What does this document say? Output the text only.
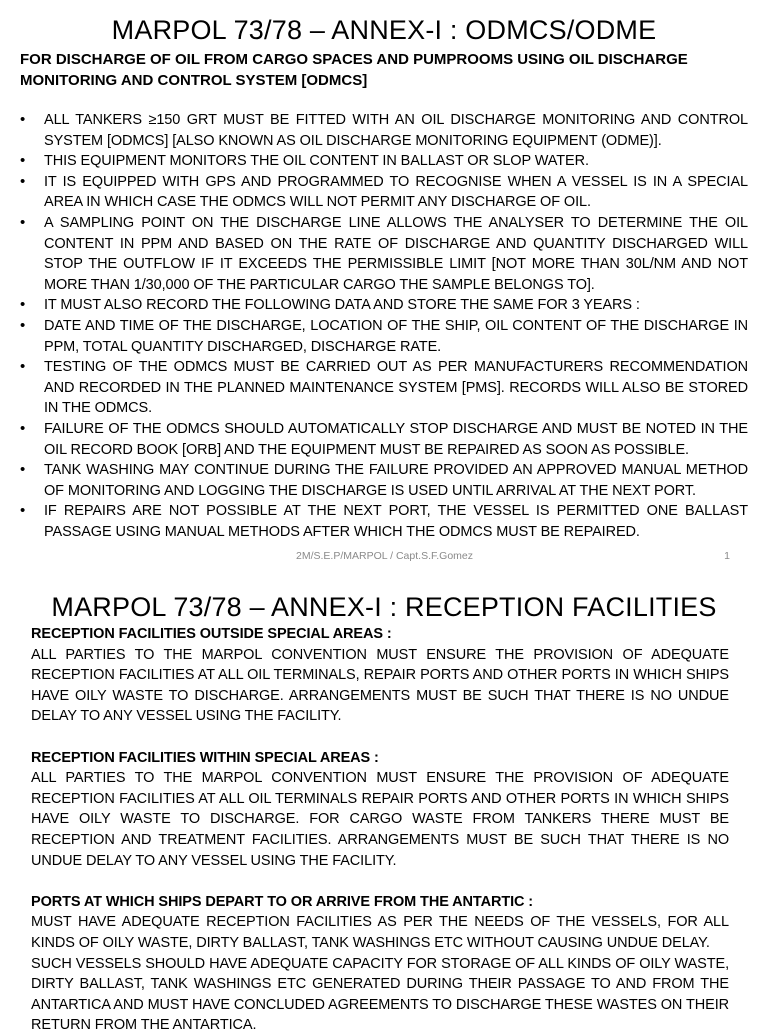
MARPOL 73/78 – ANNEX-I : ODMCS/ODME

FOR DISCHARGE OF OIL FROM CARGO SPACES AND PUMPROOMS USING OIL DISCHARGE MONITORING AND CONTROL SYSTEM [ODMCS]

• ALL TANKERS ≥150 GRT MUST BE FITTED WITH AN OIL DISCHARGE MONITORING AND CONTROL SYSTEM [ODMCS] [ALSO KNOWN AS OIL DISCHARGE MONITORING EQUIPMENT (ODME)].
• THIS EQUIPMENT MONITORS THE OIL CONTENT IN BALLAST OR SLOP WATER.
• IT IS EQUIPPED WITH GPS AND PROGRAMMED TO RECOGNISE WHEN A VESSEL IS IN A SPECIAL AREA IN WHICH CASE THE ODMCS WILL NOT PERMIT ANY DISCHARGE OF OIL.
• A SAMPLING POINT ON THE DISCHARGE LINE ALLOWS THE ANALYSER TO DETERMINE THE OIL CONTENT IN PPM AND BASED ON THE RATE OF DISCHARGE AND QUANTITY DISCHARGED WILL STOP THE OUTFLOW IF IT EXCEEDS THE PERMISSIBLE LIMIT [NOT MORE THAN 30L/NM AND NOT MORE THAN 1/30,000 OF THE PARTICULAR CARGO THE SAMPLE BELONGS TO].
• IT MUST ALSO RECORD THE FOLLOWING DATA AND STORE THE SAME FOR 3 YEARS :
• DATE AND TIME OF THE DISCHARGE, LOCATION OF THE SHIP, OIL CONTENT OF THE DISCHARGE IN PPM, TOTAL QUANTITY DISCHARGED, DISCHARGE RATE.
• TESTING OF THE ODMCS MUST BE CARRIED OUT AS PER MANUFACTURERS RECOMMENDATION AND RECORDED IN THE PLANNED MAINTENANCE SYSTEM [PMS]. RECORDS WILL ALSO BE STORED IN THE ODMCS.
• FAILURE OF THE ODMCS SHOULD AUTOMATICALLY STOP DISCHARGE AND MUST BE NOTED IN THE OIL RECORD BOOK [ORB] AND THE EQUIPMENT MUST BE REPAIRED AS SOON AS POSSIBLE.
• TANK WASHING MAY CONTINUE DURING THE FAILURE PROVIDED AN APPROVED MANUAL METHOD OF MONITORING AND LOGGING THE DISCHARGE IS USED UNTIL ARRIVAL AT THE NEXT PORT.
• IF REPAIRS ARE NOT POSSIBLE AT THE NEXT PORT, THE VESSEL IS PERMITTED ONE BALLAST PASSAGE USING MANUAL METHODS AFTER WHICH THE ODMCS MUST BE REPAIRED.
2M/S.E.P/MARPOL / Capt.S.F.Gomez	1
MARPOL 73/78 – ANNEX-I : RECEPTION FACILITIES

RECEPTION FACILITIES OUTSIDE SPECIAL AREAS :

ALL PARTIES TO THE MARPOL CONVENTION MUST ENSURE THE PROVISION OF ADEQUATE RECEPTION FACILITIES AT ALL OIL TERMINALS, REPAIR PORTS AND OTHER PORTS IN WHICH SHIPS HAVE OILY WASTE TO DISCHARGE. ARRANGEMENTS MUST BE SUCH THAT THERE IS NO UNDUE DELAY TO ANY VESSEL USING THE FACILITY.

RECEPTION FACILITIES WITHIN SPECIAL AREAS :

ALL PARTIES TO THE MARPOL CONVENTION MUST ENSURE THE PROVISION OF ADEQUATE RECEPTION FACILITIES AT ALL OIL TERMINALS REPAIR PORTS AND OTHER PORTS IN WHICH SHIPS HAVE OILY WASTE TO DISCHARGE. FOR CARGO WASTE FROM TANKERS THERE MUST BE RECEPTION AND TREATMENT FACILITIES. ARRANGEMENTS MUST BE SUCH THAT THERE IS NO UNDUE DELAY TO ANY VESSEL USING THE FACILITY.

PORTS AT WHICH SHIPS DEPART TO OR ARRIVE FROM THE ANTARTIC :

MUST HAVE ADEQUATE RECEPTION FACILITIES AS PER THE NEEDS OF THE VESSELS, FOR ALL KINDS OF OILY WASTE, DIRTY BALLAST, TANK WASHINGS ETC WITHOUT CAUSING UNDUE DELAY.

SUCH VESSELS SHOULD HAVE ADEQUATE CAPACITY FOR STORAGE OF ALL KINDS OF OILY WASTE, DIRTY BALLAST, TANK WASHINGS ETC GENERATED DURING THEIR PASSAGE TO AND FROM THE ANTARTICA AND MUST HAVE CONCLUDED AGREEMENTS TO DISCHARGE THESE WASTES ON THEIR RETURN FROM THE ANTARTICA.
